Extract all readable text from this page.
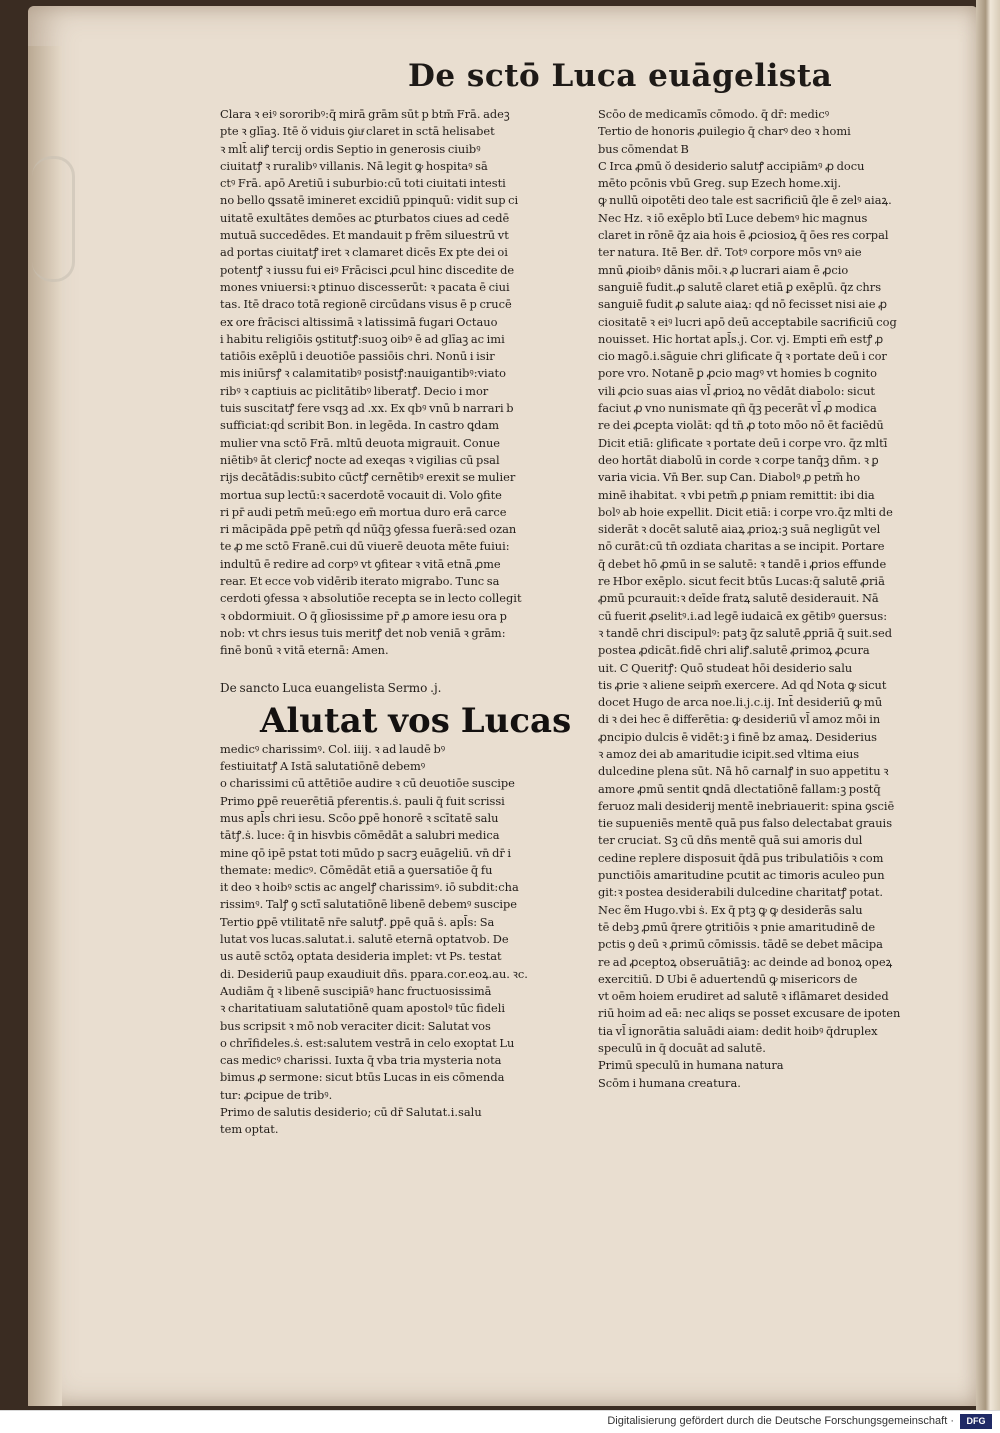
De sctō Luca euāgelista
Clara ꝛ eiꝰ sororibꝰ:q̄ mirā grām sūt p btm̄ Frā. adeꝫ
pte ꝛ glīaꝫ. Itē ŏ viduis ꝯiuͬ claret in sctā helisabet
ꝛ mlt̄ aliꝭ tercij ordis Septio in generosis ciuibꝰ
ciuitatꝭ ꝛ ruralibꝰ villanis. Nā legit ꝙ hospitaꝰ sā
ctꝰ Frā. apō Aretiū i suburbio:cū toti ciuitati intesti
no bello ꝗssatē imineret excidiū ppinquū: vidit sup ci
uitatē exultātes demōes ac ꝑturbatos ciues ad cedē
mutuā succedēdes. Et mandauit p frēm siluestrū vt
ad portas ciuitatꝭ iret ꝛ clamaret dicēs Ex pte dei oi
potentꝭ ꝛ iussu fui eiꝰ Frācisci ꝓcul hinc discedite de
mones vniuersi:ꝛ ꝑtinuo discesserūt: ꝛ pacata ē ciui
tas. Itē draco totā regionē circūdans visus ē p crucē
ex ore frācisci altissimā ꝛ latissimā fugari Octauo
i habitu religiōis ꝯstitutꝭ:suoꝫ oibꝰ ē ad glīaꝫ ac imi
tatiōis exēplū i deuotiōe passiōis chri. Nonū i isir
mis iniūrsꝭ ꝛ calamitatibꝰ posistꝭ:nauigantibꝰ:viato
ribꝰ ꝛ captiuis ac piclitātibꝰ liberatꝭ. Decio i mor
tuis suscitatꝭ fere vsqꝫ ad .xx. Ex qbꝰ vnū b narrari b
sufficiat:qḋ scribit Bon. in legēda. In castro ꝗdam
mulier vna sctō Frā. mltū deuota migrauit. Conue
niētibꝰ āt clericꝭ nocte ad exeqas ꝛ vigilias cū psal
rijs decātādis:subito cūctꝭ cernētibꝰ erexit se mulier
mortua sup lectū:ꝛ sacerdotē vocauit di. Volo ꝯfite
ri pr̄ audi petm̄ meū:ego em̄ mortua duro erā carce
ri mācipāda ꝑpē petm̄ qḋ nūq̄ꝫ ꝯfessa fuerā:sed ozan
te ꝓ me sctō Franē.cui dū viuerē deuota mēte fuiui:
indultū ē redire ad corpꝰ vt ꝯfitear ꝛ vitā etnā ꝓme
rear. Et ecce vob vidērib iterato migrabo. Tunc sa
cerdoti ꝯfessa ꝛ absolutiōe recepta se in lecto collegit
ꝛ obdormiuit. O q̄ gl̄iosissime pr̄ ꝓ amore iesu ora p
nob: vt chrs iesus tuis meritꝭ det nob veniā ꝛ grām:
finē bonū ꝛ vitā eternā: Amen.
De sancto Luca euangelista Sermo .j.
Alutat vos Lucas
medicꝰ charissimꝰ. Col. iiij. ꝛ ad laudē bꝰ
festiuitatꝭ A Istā salutatiōnē debemꝰ
o charissimi cū attētiōe audire ꝛ cū deuotiōe suscipe
Primo ꝑpē reuerētiā pferentis.ṡ. pauli q̄ fuit scrissi
mus apl̄s chri iesu. Scōo ꝑpē honorē ꝛ scītatē salu
tātꝭ.ṡ. luce: q̄ in hisvbis cōmēdāt a salubri medica
mine qō ipē pstat toti mūdo p sacrꝫ euāgeliū. vn̄ dr̄ i
themate: medicꝰ. Cōmēdāt etiā a ꝯuersatiōe q̄ fu
it deo ꝛ hoibꝰ sctis ac angelꝭ charissimꝰ. iō subdit:cha
rissimꝰ. Talꝭ ꝯ sctī salutatiōnē libenē debemꝰ suscipe
Tertio ꝑpē vtilitatē nr̄e salutꝭ. ꝑpē quā ṡ. apl̄s: Sa
lutat vos lucas.salutat.i. salutē eternā optatvob. De
us autē sctōꝝ optata desideria implet: vt Ps. testat
di. Desideriū paup exaudiuit dñs. ppara.cor.eoꝝ.au. ꝛc.
Audiām q̄ ꝛ libenē suscipiāꝰ hanc fructuosissimā
ꝛ charitatiuam salutatiōnē quam apostolꝰ tūc fideli
bus scripsit ꝛ mō nob veraciter dicit: Salutat vos
o chrīfideles.ṡ. est:salutem vestrā in celo exoptat Lu
cas medicꝰ charissi. Iuxta q̄ vba tria mysteria nota
bimus ꝓ sermone: sicut btūs Lucas in eis cōmenda
tur: ꝓcipue de tribꝰ.
Primo de salutis desiderio; cū dr̄ Salutat.i.salu
tem optat.
Scōo de medicamīs cōmodo. q̄ dr̄: medicꝰ
Tertio de honoris ꝓuilegio q̄ charꝰ deo ꝛ homi
bus cōmendat B
C Irca ꝓmū ŏ desiderio salutꝭ accipiāmꝰ ꝓ docu
mēto pcōnis vbū Greg. sup Ezech home.xij.
ꝙ nullū oipotēti deo tale est sacrificiū q̄le ē zelꝰ aiaꝝ.
Nec Hz. ꝛ iō exēplo btī Luce debemꝰ hic magnus
claret in rōnē q̄z aia hois ē ꝓciosioꝝ q̄ ōes res corpal
ter natura. Itē Ber. dr̄. Totꝰ corpore mōs vnꝰ aie
mnū ꝓioibꝰ dānis mōi.ꝛ ꝓ lucrari aiam ē ꝓcio
sanguiē fudit.ꝓ salutē claret etiā ꝑ exēplū. q̄z chrs
sanguiē fudit ꝓ salute aiaꝝ: qḋ nō fecisset nisi aie ꝓ
ciositatē ꝛ eiꝰ lucri apō deū acceptabile sacrificiū cog
nouisset. Hic hortat apl̄s.j. Cor. vj. Empti em̄ estꝭ ꝓ
cio magō.i.sāguie chri glificate q̄ ꝛ portate deū i cor
pore vro. Notanē ꝑ ꝓcio magꝰ vt homies b cognito
vili ꝓcio suas aias vl̄ ꝓrioꝝ no vēdāt diabolo: sicut
faciut ꝓ vno nunismate qñ q̄ꝫ pecerāt vl̄ ꝓ modica
re dei ꝓcepta violāt: qḋ tn̄ ꝓ toto mōo nō ēt faciēdū
Dicit etiā: glificate ꝛ portate deū i corpe vro. q̄z mltī
deo hortāt diabolū in corde ꝛ corpe tanq̄ꝫ dn̄m. ꝛ ꝑ
varia vicia. Vn̄ Ber. sup Can. Diabolꝰ ꝓ petm̄ ho
minē ihabitat. ꝛ vbi petm̄ ꝓ pniam remittit: ibi dia
bolꝰ ab hoie expellit. Dicit etiā: i corpe vro.q̄z mlti de
siderāt ꝛ docēt salutē aiaꝝ ꝓrioꝝ:ꝫ suā negligūt vel
nō curāt:cū tn̄ ozdiata charitas a se incipit. Portare
q̄ debet hō ꝓmū in se salutē: ꝛ tandē i ꝓrios effunde
re Hbor exēplo. sicut fecit btūs Lucas:q̄ salutē ꝓriā
ꝓmū pcurauit:ꝛ deīde fratꝝ salutē desiderauit. Nā
cū fuerit ꝓselitꝰ.i.ad legē iudaicā ex gētibꝰ ꝯuersus:
ꝛ tandē chri discipulꝰ: patꝫ q̄z salutē ꝓpriā q̄ suit.sed
postea ꝓdicāt.fidē chri aliꝭ.salutē ꝓrimoꝝ ꝓcura
uit. C Queritꝭ: Quō studeat hōi desiderio salu
tis ꝓrie ꝛ aliene seipm̄ exercere. Ad qḋ Nota ꝙ sicut
docet Hugo de arca noe.li.j.c.ij. Int̄ desideriū ꝙ mū
di ꝛ dei hec ē differētia: ꝙ desideriū vl̄ amoz mōi in
ꝓncipio dulcis ē vidēt:ꝫ i finē bz amaꝝ. Desiderius
ꝛ amoz dei ab amaritudie icipit.sed vltima eius
dulcedine plena sūt. Nā hō carnalꝭ in suo appetitu ꝛ
amore ꝓmū sentit ꝗndā dlectatiōnē fallam:ꝫ postq̄
feruoz mali desiderij mentē inebriauerit: spina ꝯsciē
tie supueniēs mentē quā pus falso delectabat grauis
ter cruciat. Sꝫ cū dn̄s mentē quā sui amoris dul
cedine replere disposuit q̄dā pus tribulatiōis ꝛ com
punctiōis amaritudine pcutit ac timoris aculeo pun
git:ꝛ postea desiderabili dulcedine charitatꝭ potat.
Nec ẽm Hugo.vbi ṡ. Ex q̄ ptꝫ ꝙ ꝙ desiderās salu
tē debꝫ ꝓmū q̄rere ꝯtritiōis ꝛ pnie amaritudinē de
pctis ꝯ deū ꝛ ꝓrimū cōmissis. tādē se debet mācipa
re ad ꝓceptoꝝ obseruātiāꝫ: ac deinde ad bonoꝝ opeꝝ
exercitiū. D Ubi ē aduertendū ꝙ misericors de
vt oēm hoiem erudiret ad salutē ꝛ iflāmaret desided
riū hoim ad eā: nec aliqs se posset excusare de ipoten
tia vl̄ ignorātia saluādi aiam: dedit hoibꝰ q̄druplex
speculū in q̄ docuāt ad salutē.
Primū speculū in humana natura
Scōm i humana creatura.
Digitalisierung gefördert durch die Deutsche Forschungsgemeinschaft ·	DFG
